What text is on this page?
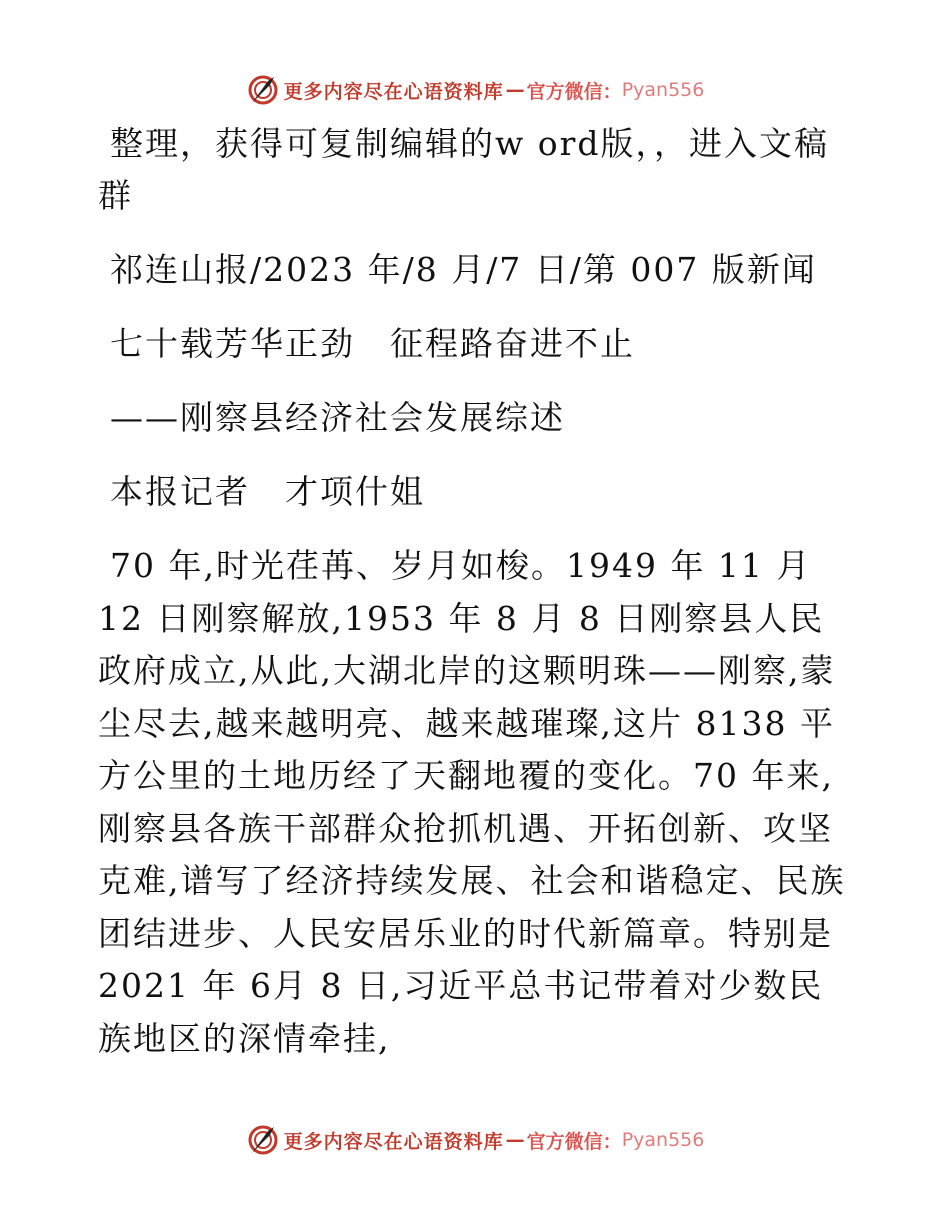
更多内容尽在心语资料库 — 官方微信： Pyan556

整理，获得可复制编辑的w ord版，，进入文稿群

祁连山报/2023 年/8 月/7 日/第 007 版新闻

七十载芳华正劲　征程路奋进不止

——刚察县经济社会发展综述

本报记者　才项什姐

70 年,时光荏苒、岁月如梭。1949 年 11 月 12 日刚察解放,1953 年 8 月 8 日刚察县人民政府成立,从此,大湖北岸的这颗明珠——刚察,蒙尘尽去,越来越明亮、越来越璀璨,这片 8138 平方公里的土地历经了天翻地覆的变化。70 年来,刚察县各族干部群众抢抓机遇、开拓创新、攻坚克难,谱写了经济持续发展、社会和谐稳定、民族团结进步、人民安居乐业的时代新篇章。特别是 2021 年 6月 8 日,习近平总书记带着对少数民族地区的深情牵挂,

更多内容尽在心语资料库 — 官方微信： Pyan556
